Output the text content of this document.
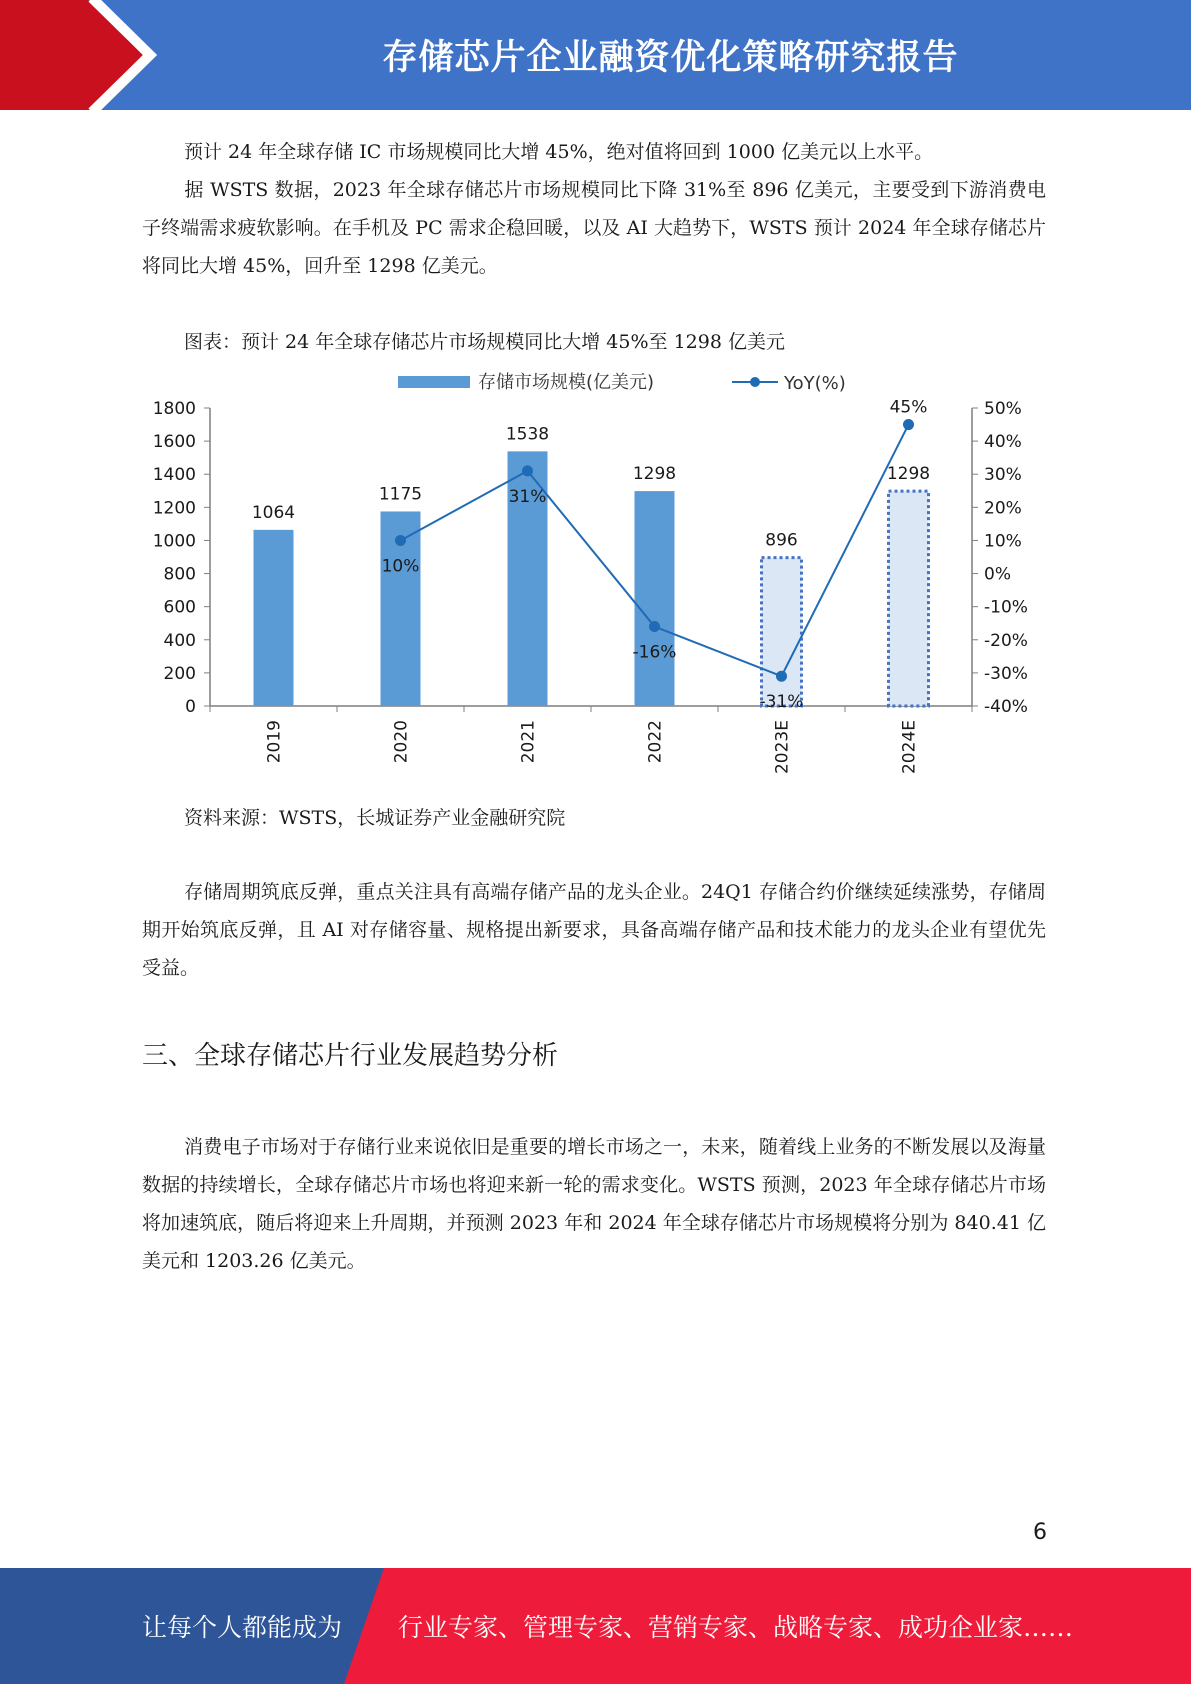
存储芯片企业融资优化策略研究报告

预计 24 年全球存储 IC 市场规模同比大增 45%，绝对值将回到 1000 亿美元以上水平。

据 WSTS 数据，2023 年全球存储芯片市场规模同比下降 31%至 896 亿美元，主要受到下游消费电子终端需求疲软影响。在手机及 PC 需求企稳回暖，以及 AI 大趋势下，WSTS 预计 2024 年全球存储芯片将同比大增 45%，回升至 1298 亿美元。

图表：预计 24 年全球存储芯片市场规模同比大增 45%至 1298 亿美元
存储市场规模(亿美元)	YoY(%)
0
200
400
600
800
1000
1200
1400
1600
1800
-40%
-30%
-20%
-10%
0%
10%
20%
30%
40%
50%
2019	2020	2021	2022	2023E	2024E
1064
1175
1538
1298
896
1298
10%
31%
-16%
-31%
45%
资料来源：WSTS，长城证券产业金融研究院

存储周期筑底反弹，重点关注具有高端存储产品的龙头企业。24Q1 存储合约价继续延续涨势，存储周期开始筑底反弹，且 AI 对存储容量、规格提出新要求，具备高端存储产品和技术能力的龙头企业有望优先受益。

三、全球存储芯片行业发展趋势分析

消费电子市场对于存储行业来说依旧是重要的增长市场之一，未来，随着线上业务的不断发展以及海量数据的持续增长，全球存储芯片市场也将迎来新一轮的需求变化。WSTS 预测，2023 年全球存储芯片市场将加速筑底，随后将迎来上升周期，并预测 2023 年和 2024 年全球存储芯片市场规模将分别为 840.41 亿美元和 1203.26 亿美元。

6
让每个人都能成为 行业专家、管理专家、营销专家、战略专家、成功企业家……
